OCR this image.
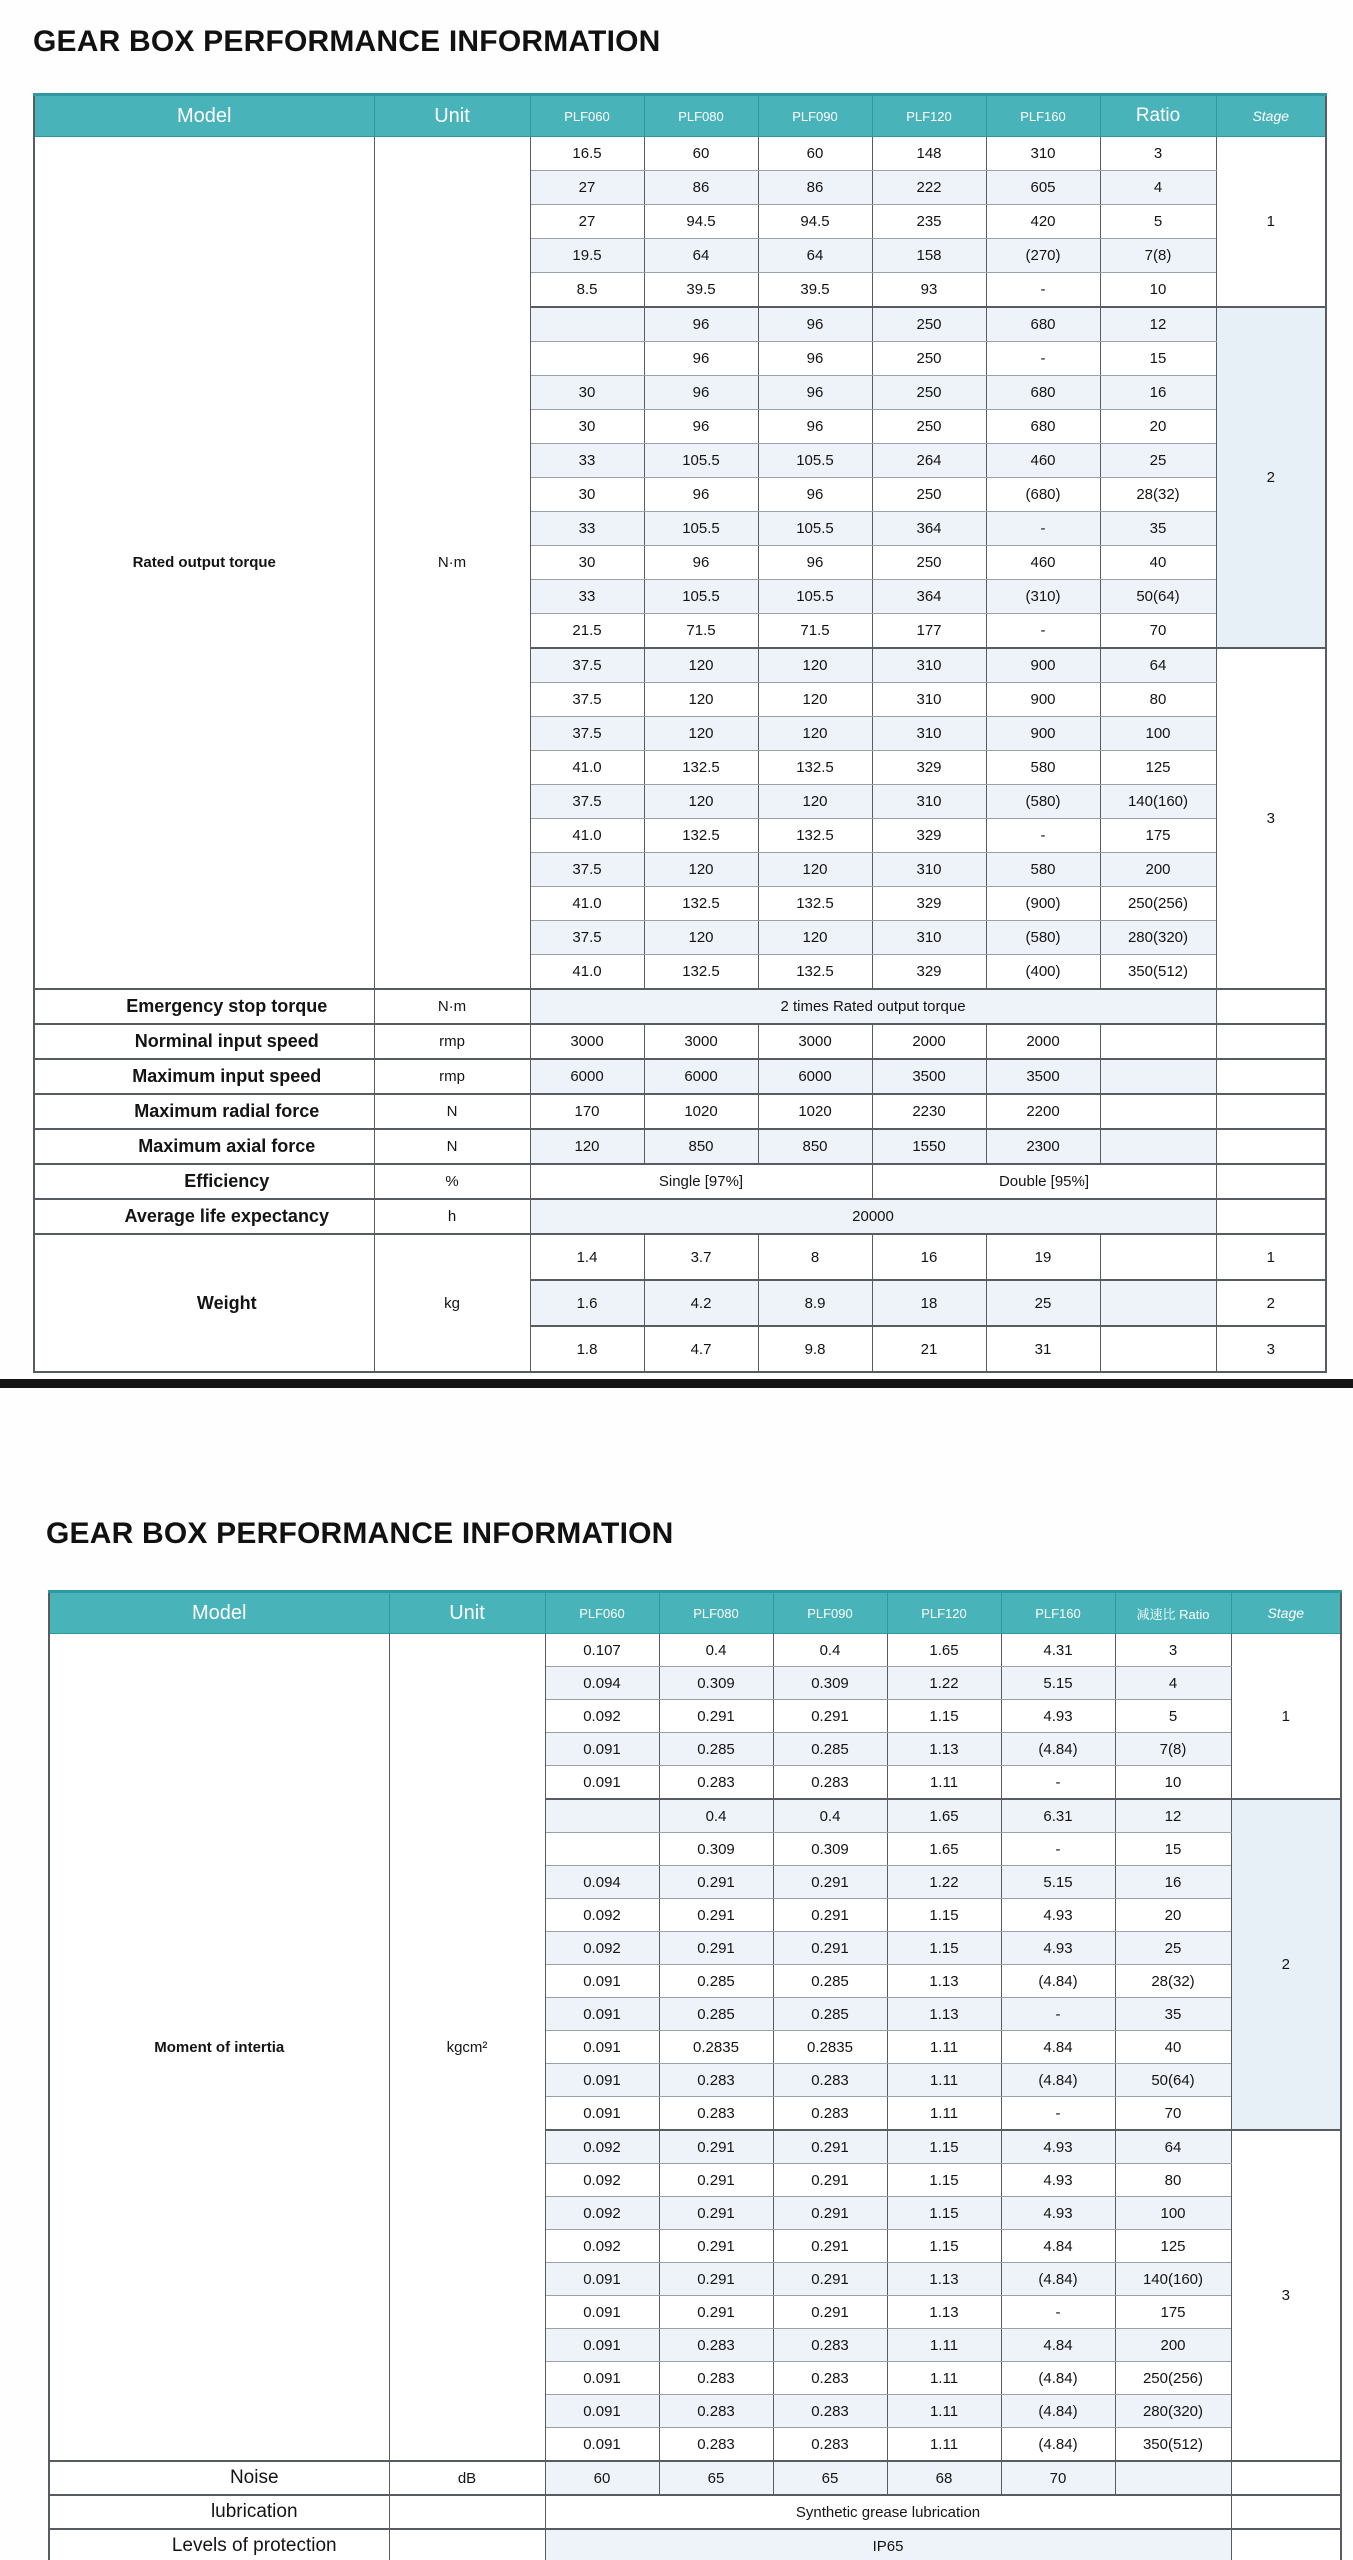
GEAR BOX PERFORMANCE INFORMATION
Model	Unit	PLF060	PLF080	PLF090	PLF120	PLF160	Ratio	Stage
Rated output torque	N·m	16.5	60	60	148	310	3	1
		27	86	86	222	605	4	
		27	94.5	94.5	235	420	5	
		19.5	64	64	158	(270)	7(8)	
		8.5	39.5	39.5	93	-	10	
			96	96	250	680	12	2
			96	96	250	-	15	
		30	96	96	250	680	16	
		30	96	96	250	680	20	
		33	105.5	105.5	264	460	25	
		30	96	96	250	(680)	28(32)	
		33	105.5	105.5	364	-	35	
		30	96	96	250	460	40	
		33	105.5	105.5	364	(310)	50(64)	
		21.5	71.5	71.5	177	-	70	
		37.5	120	120	310	900	64	3
		37.5	120	120	310	900	80	
		37.5	120	120	310	900	100	
		41.0	132.5	132.5	329	580	125	
		37.5	120	120	310	(580)	140(160)	
		41.0	132.5	132.5	329	-	175	
		37.5	120	120	310	580	200	
		41.0	132.5	132.5	329	(900)	250(256)	
		37.5	120	120	310	(580)	280(320)	
		41.0	132.5	132.5	329	(400)	350(512)	
Emergency stop torque	N·m	2 times Rated output torque						
Norminal input speed	rmp	3000	3000	3000	2000	2000		
Maximum input speed	rmp	6000	6000	6000	3500	3500		
Maximum radial force	N	170	1020	1020	2230	2200		
Maximum axial force	N	120	850	850	1550	2300		
Efficiency	%	Single [97%]			Double [95%]			
Average life expectancy	h	20000						
Weight	kg	1.4	3.7	8	16	19		1
		1.6	4.2	8.9	18	25		2
		1.8	4.7	9.8	21	31		3
GEAR BOX PERFORMANCE INFORMATION
Model	Unit	PLF060	PLF080	PLF090	PLF120	PLF160	减速比 Ratio	Stage
Moment of intertia	kgcm²	0.107	0.4	0.4	1.65	4.31	3	1
		0.094	0.309	0.309	1.22	5.15	4	
		0.092	0.291	0.291	1.15	4.93	5	
		0.091	0.285	0.285	1.13	(4.84)	7(8)	
		0.091	0.283	0.283	1.11	-	10	
			0.4	0.4	1.65	6.31	12	2
			0.309	0.309	1.65	-	15	
		0.094	0.291	0.291	1.22	5.15	16	
		0.092	0.291	0.291	1.15	4.93	20	
		0.092	0.291	0.291	1.15	4.93	25	
		0.091	0.285	0.285	1.13	(4.84)	28(32)	
		0.091	0.285	0.285	1.13	-	35	
		0.091	0.2835	0.2835	1.11	4.84	40	
		0.091	0.283	0.283	1.11	(4.84)	50(64)	
		0.091	0.283	0.283	1.11	-	70	
		0.092	0.291	0.291	1.15	4.93	64	3
		0.092	0.291	0.291	1.15	4.93	80	
		0.092	0.291	0.291	1.15	4.93	100	
		0.092	0.291	0.291	1.15	4.84	125	
		0.091	0.291	0.291	1.13	(4.84)	140(160)	
		0.091	0.291	0.291	1.13	-	175	
		0.091	0.283	0.283	1.11	4.84	200	
		0.091	0.283	0.283	1.11	(4.84)	250(256)	
		0.091	0.283	0.283	1.11	(4.84)	280(320)	
		0.091	0.283	0.283	1.11	(4.84)	350(512)	
Noise	dB	60	65	65	68	70		
lubrication		Synthetic grease lubrication						
Levels of protection		IP65						
